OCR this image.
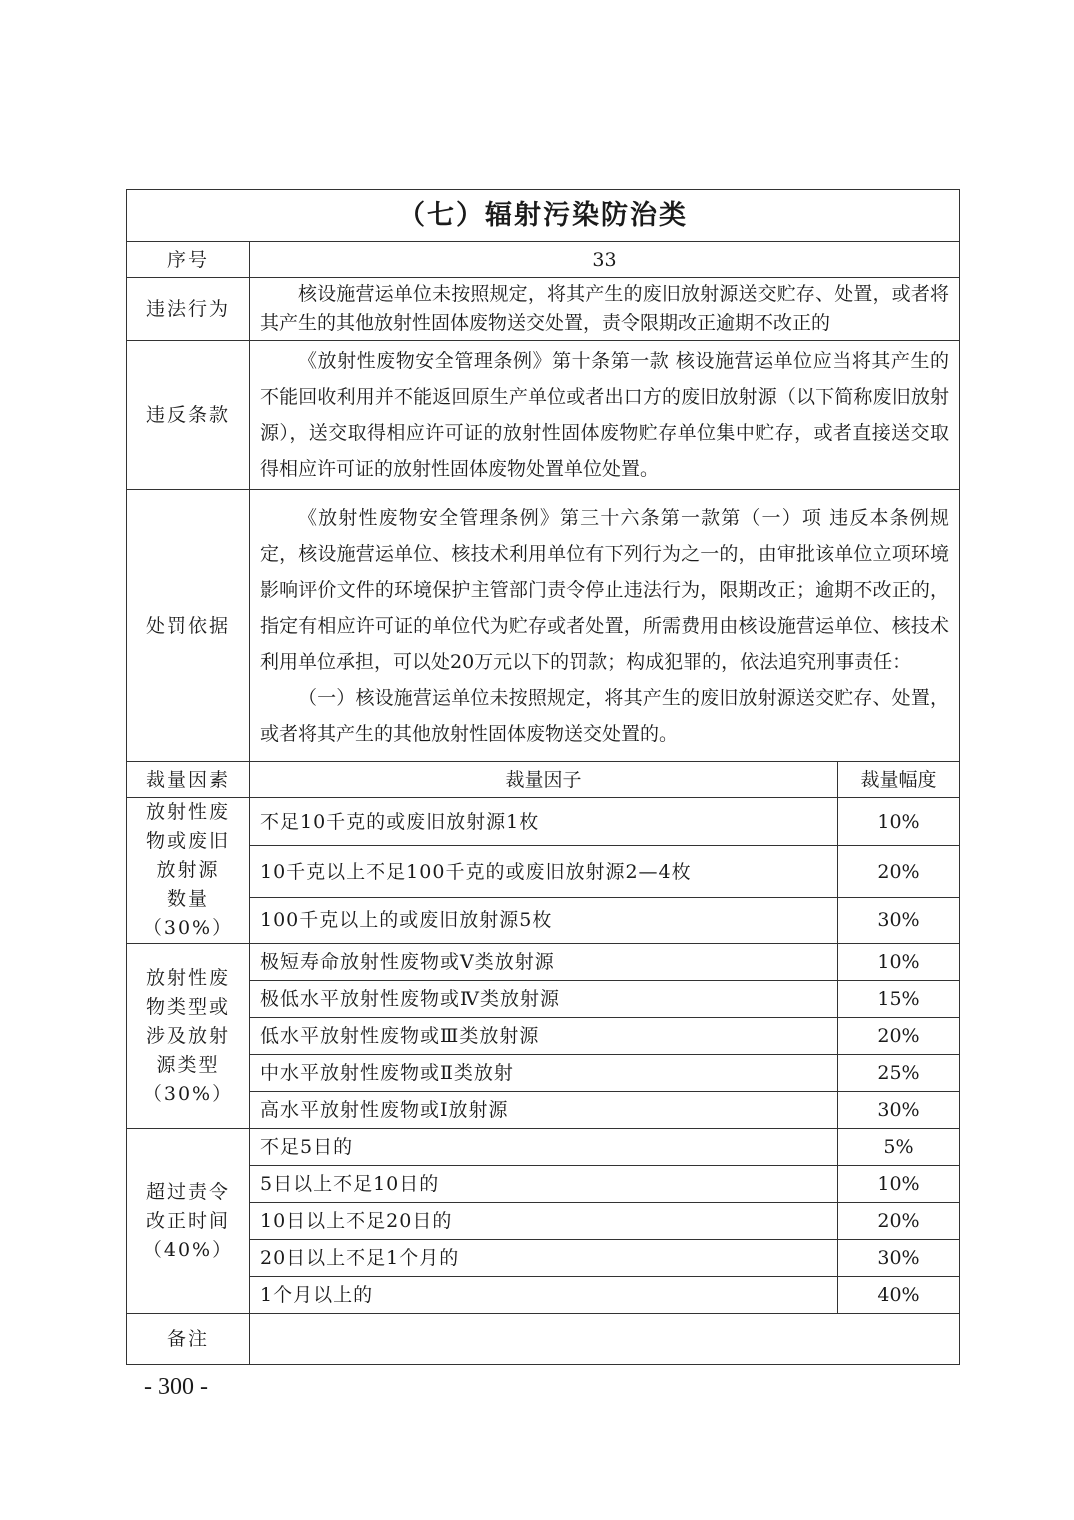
（七）辐射污染防治类		
序号	33	
违法行为	核设施营运单位未按照规定，将其产生的废旧放射源送交贮存、处置，或者将其产生的其他放射性固体废物送交处置，责令限期改正逾期不改正的	

违反条款	《放射性废物安全管理条例》第十条第一款 核设施营运单位应当将其产生的不能回收利用并不能返回原生产单位或者出口方的废旧放射源（以下简称废旧放射源），送交取得相应许可证的放射性固体废物贮存单位集中贮存，或者直接送交取得相应许可证的放射性固体废物处置单位处置。	

处罚依据	《放射性废物安全管理条例》第三十六条第一款第（一）项 违反本条例规定，核设施营运单位、核技术利用单位有下列行为之一的，由审批该单位立项环境影响评价文件的环境保护主管部门责令停止违法行为，限期改正；逾期不改正的，指定有相应许可证的单位代为贮存或者处置，所需费用由核设施营运单位、核技术利用单位承担，可以处20万元以下的罚款；构成犯罪的，依法追究刑事责任：

（一）核设施营运单位未按照规定，将其产生的废旧放射源送交贮存、处置，或者将其产生的其他放射性固体废物送交处置的。	

裁量因素	裁量因子	裁量幅度

放射性废
物或废旧
放射源
数量
（30%）	不足10千克的或废旧放射源1枚	10%
	10千克以上不足100千克的或废旧放射源2—4枚	20%
	100千克以上的或废旧放射源5枚	30%

放射性废
物类型或
涉及放射
源类型
（30%）	极短寿命放射性废物或Ⅴ类放射源	10%
	极低水平放射性废物或Ⅳ类放射源	15%
	低水平放射性废物或Ⅲ类放射源	20%
	中水平放射性废物或Ⅱ类放射	25%
	高水平放射性废物或Ⅰ放射源	30%

超过责令
改正时间
（40%）	不足5日的	5%
	5日以上不足10日的	10%
	10日以上不足20日的	20%
	20日以上不足1个月的	30%
	1个月以上的	40%
备注		
- 300 -
